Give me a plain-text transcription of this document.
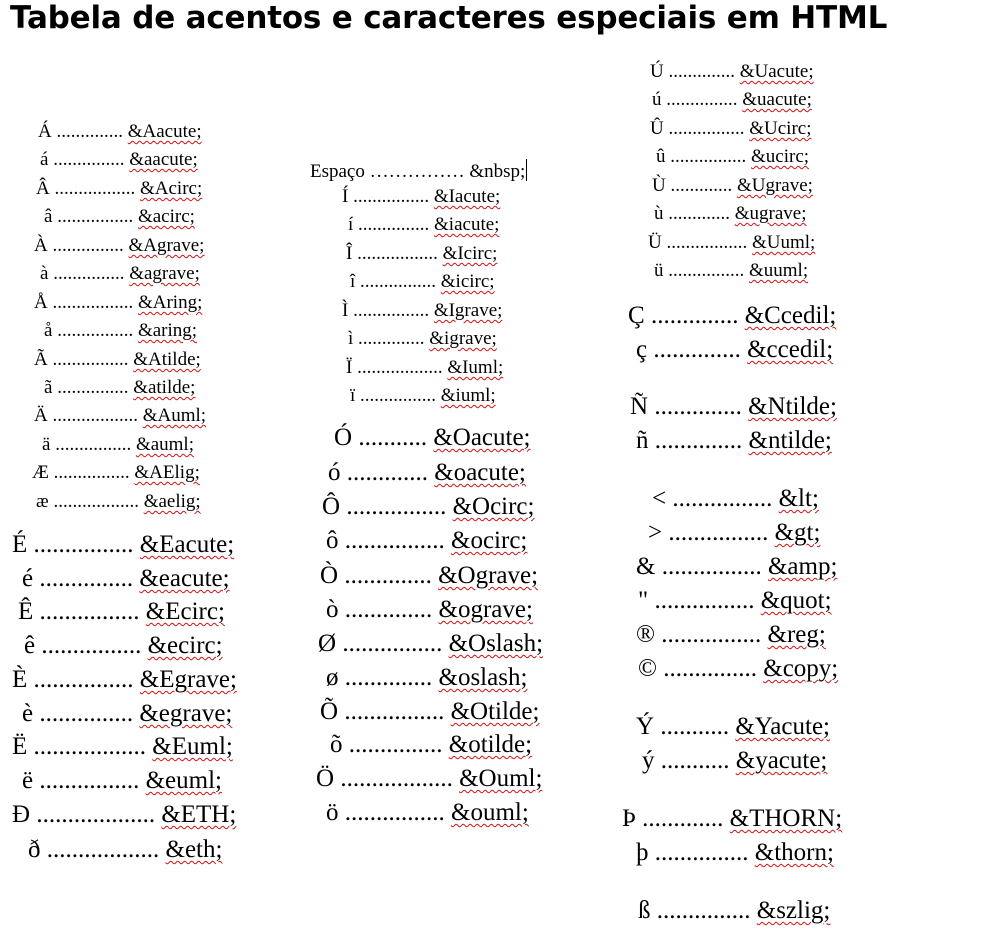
Tabela de acentos e caracteres especiais em HTML
Á .............. &Aacute;
á ............... &aacute;
Â ................. &Acirc;
â ................ &acirc;
À ............... &Agrave;
à ............... &agrave;
Å ................. &Aring;
å ................ &aring;
Ã ................ &Atilde;
ã ............... &atilde;
Ä .................. &Auml;
ä ................ &auml;
Æ ................ &AElig;
æ .................. &aelig;
É ................ &Eacute;
é ............... &eacute;
Ê ................ &Ecirc;
ê ................ &ecirc;
È ................ &Egrave;
è ............... &egrave;
Ë .................. &Euml;
ë ................ &euml;
Ð ................... &ETH;
ð .................. &eth;
Espaço …………… &nbsp;
Í ................ &Iacute;
í ............... &iacute;
Î ................. &Icirc;
î ................ &icirc;
Ì ................ &Igrave;
ì .............. &igrave;
Ï .................. &Iuml;
ï ................ &iuml;
Ó ........... &Oacute;
ó ............. &oacute;
Ô ................ &Ocirc;
ô ................ &ocirc;
Ò .............. &Ograve;
ò .............. &ograve;
Ø ................ &Oslash;
ø .............. &oslash;
Õ ................ &Otilde;
õ ............... &otilde;
Ö .................. &Ouml;
ö ................ &ouml;
Ú .............. &Uacute;
ú ............... &uacute;
Û ................ &Ucirc;
û ................ &ucirc;
Ù ............. &Ugrave;
ù ............. &ugrave;
Ü ................. &Uuml;
ü ................ &uuml;
Ç .............. &Ccedil;
ç .............. &ccedil;
Ñ .............. &Ntilde;
ñ .............. &ntilde;
< ................ &lt;
> ................ &gt;
& ................ &amp;
" ................ &quot;
® ................ &reg;
© ............... &copy;
Ý ........... &Yacute;
ý ........... &yacute;
Þ ............. &THORN;
þ ............... &thorn;
ß ............... &szlig;
